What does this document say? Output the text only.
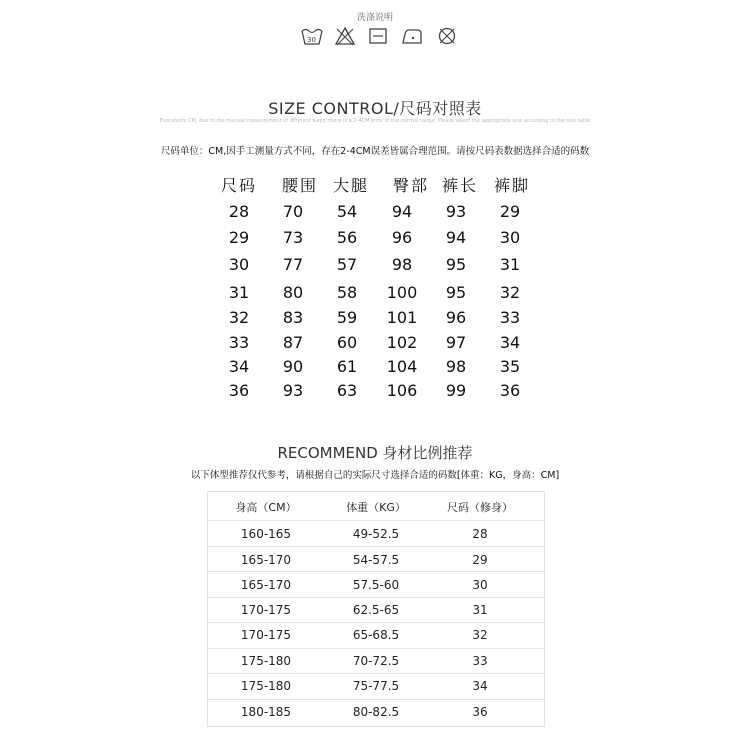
洗涤说明
30
SIZE CONTROL/尺码对照表
Everybody CM, due to the manual measurement of different ways, there is a 2-4CM error of the normal range. Please select the appropriate size according to the size table
尺码单位：CM,因手工测量方式不同，存在2-4CM误差皆属合理范围。请按尺码表数据选择合适的码数
尺码	腰围 大腿	臀部 裤长 裤脚
28	70	54	94	93	29
29	73	56	96	94	30
30	77	57	98	95	31
31	80	58	100	95	32
32	83	59	101	96	33
33	87	60	102	97	34
34	90	61	104	98	35
36	93	63	106	99	36
RECOMMEND 身材比例推荐
以下体型推荐仅代参考，请根据自己的实际尺寸选择合适的码数[体重：KG，身高：CM]
身高（CM）	体重（KG）	尺码（修身）
160-165	49-52.5	28
165-170	54-57.5	29
165-170	57.5-60	30
170-175	62.5-65	31
170-175	65-68.5	32
175-180	70-72.5	33
175-180	75-77.5	34
180-185	80-82.5	36
